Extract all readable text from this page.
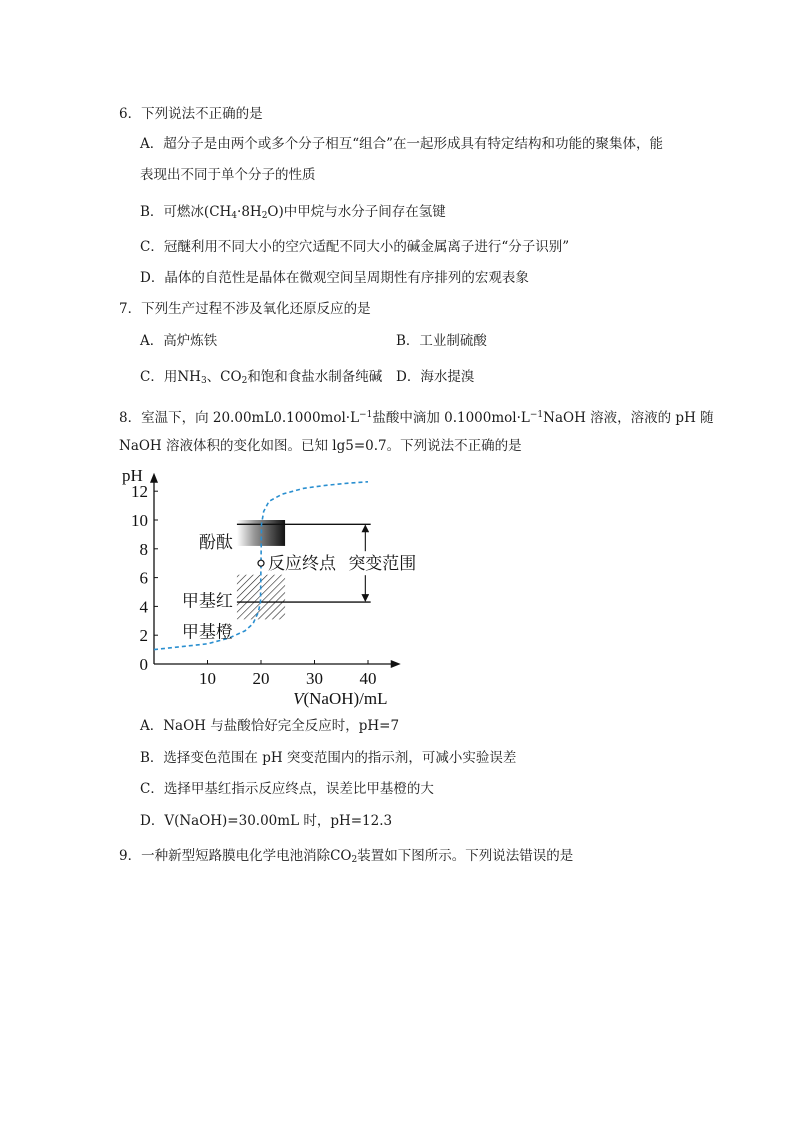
6．下列说法不正确的是
A．超分子是由两个或多个分子相互“组合”在一起形成具有特定结构和功能的聚集体，能
表现出不同于单个分子的性质
B．可燃冰$(CH_4\cdot 8H_2O)$中甲烷与水分子间存在氢键
C．冠醚利用不同大小的空穴适配不同大小的碱金属离子进行“分子识别”
D．晶体的自范性是晶体在微观空间呈周期性有序排列的宏观表象
7．下列生产过程不涉及氧化还原反应的是
A．高炉炼铁	B．工业制硫酸
C．用$NH_3$、$CO_2$和饱和食盐水制备纯碱 D．海水提溴
8．室温下，向 $20.00mL0.1000mol\cdot L^{-1}$盐酸中滴加 $0.1000mol\cdot L^{-1}NaOH$ 溶液，溶液的 pH 随
NaOH 溶液体积的变化如图。已知 lg5=0.7。下列说法不正确的是
0
2
4
6
8
10
12
10 20 30 40
pH
V(NaOH)/mL
酚酞
反应终点 突变范围
甲基红
甲基橙
A．NaOH 与盐酸恰好完全反应时，pH=7
B．选择变色范围在 pH 突变范围内的指示剂，可减小实验误差
C．选择甲基红指示反应终点，误差比甲基橙的大
D．V(NaOH)=30.00mL 时，pH=12.3
9．一种新型短路膜电化学电池消除$CO_2$装置如下图所示。下列说法错误的是
